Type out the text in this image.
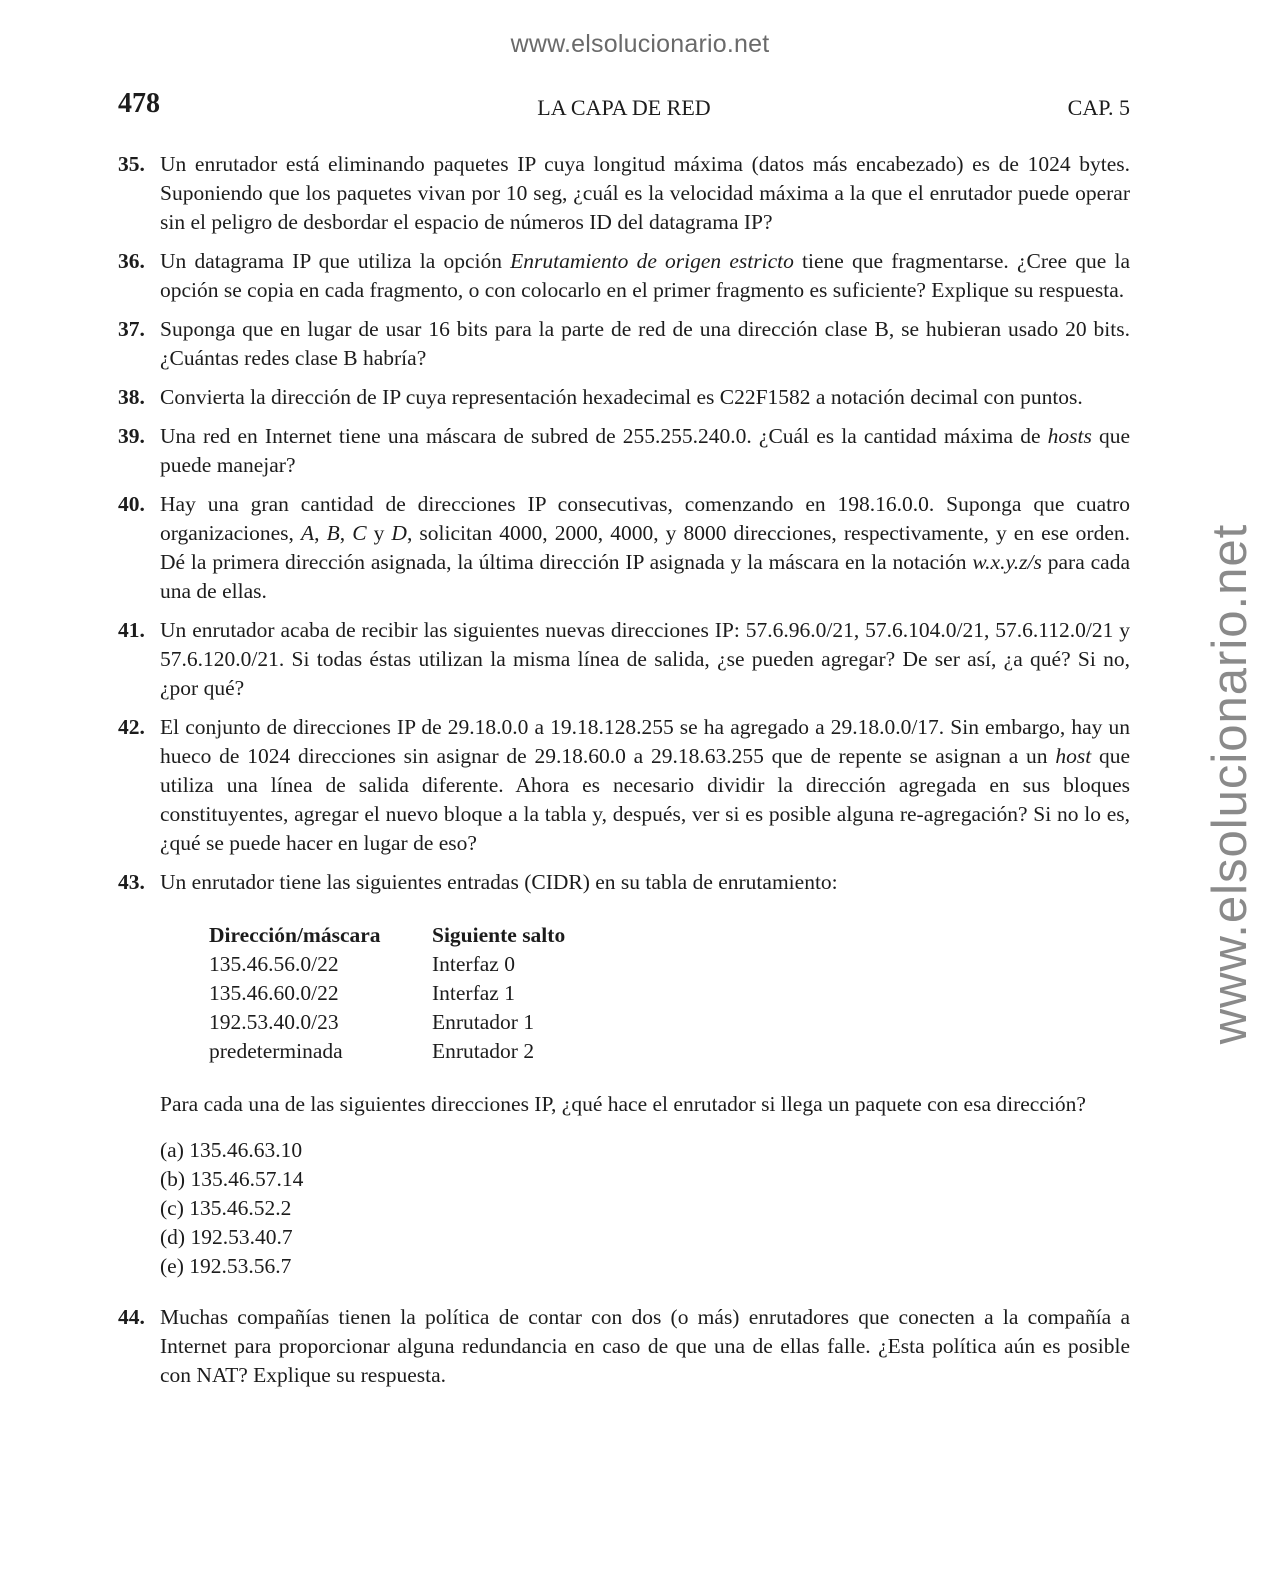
www.elsolucionario.net
www.elsolucionario.net
478	LA CAPA DE RED	CAP. 5
35. Un enrutador está eliminando paquetes IP cuya longitud máxima (datos más encabezado) es de 1024 bytes. Suponiendo que los paquetes vivan por 10 seg, ¿cuál es la velocidad máxima a la que el enrutador puede operar sin el peligro de desbordar el espacio de números ID del datagrama IP?
36. Un datagrama IP que utiliza la opción Enrutamiento de origen estricto tiene que fragmentarse. ¿Cree que la opción se copia en cada fragmento, o con colocarlo en el primer fragmento es suficiente? Explique su respuesta.
37. Suponga que en lugar de usar 16 bits para la parte de red de una dirección clase B, se hubieran usado 20 bits. ¿Cuántas redes clase B habría?
38. Convierta la dirección de IP cuya representación hexadecimal es C22F1582 a notación decimal con puntos.
39. Una red en Internet tiene una máscara de subred de 255.255.240.0. ¿Cuál es la cantidad máxima de hosts que puede manejar?
40. Hay una gran cantidad de direcciones IP consecutivas, comenzando en 198.16.0.0. Suponga que cuatro organizaciones, A, B, C y D, solicitan 4000, 2000, 4000, y 8000 direcciones, respectivamente, y en ese orden. Dé la primera dirección asignada, la última dirección IP asignada y la máscara en la notación w.x.y.z/s para cada una de ellas.
41. Un enrutador acaba de recibir las siguientes nuevas direcciones IP: 57.6.96.0/21, 57.6.104.0/21, 57.6.112.0/21 y 57.6.120.0/21. Si todas éstas utilizan la misma línea de salida, ¿se pueden agregar? De ser así, ¿a qué? Si no, ¿por qué?
42. El conjunto de direcciones IP de 29.18.0.0 a 19.18.128.255 se ha agregado a 29.18.0.0/17. Sin embargo, hay un hueco de 1024 direcciones sin asignar de 29.18.60.0 a 29.18.63.255 que de repente se asignan a un host que utiliza una línea de salida diferente. Ahora es necesario dividir la dirección agregada en sus bloques constituyentes, agregar el nuevo bloque a la tabla y, después, ver si es posible alguna re-agregación? Si no lo es, ¿qué se puede hacer en lugar de eso?
43. Un enrutador tiene las siguientes entradas (CIDR) en su tabla de enrutamiento:
Dirección/máscara	Siguiente salto
135.46.56.0/22	Interfaz 0
135.46.60.0/22	Interfaz 1
192.53.40.0/23	Enrutador 1
predeterminada	Enrutador 2
Para cada una de las siguientes direcciones IP, ¿qué hace el enrutador si llega un paquete con esa dirección?
(a) 135.46.63.10
(b) 135.46.57.14
(c) 135.46.52.2
(d) 192.53.40.7
(e) 192.53.56.7
44. Muchas compañías tienen la política de contar con dos (o más) enrutadores que conecten a la compañía a Internet para proporcionar alguna redundancia en caso de que una de ellas falle. ¿Esta política aún es posible con NAT? Explique su respuesta.
